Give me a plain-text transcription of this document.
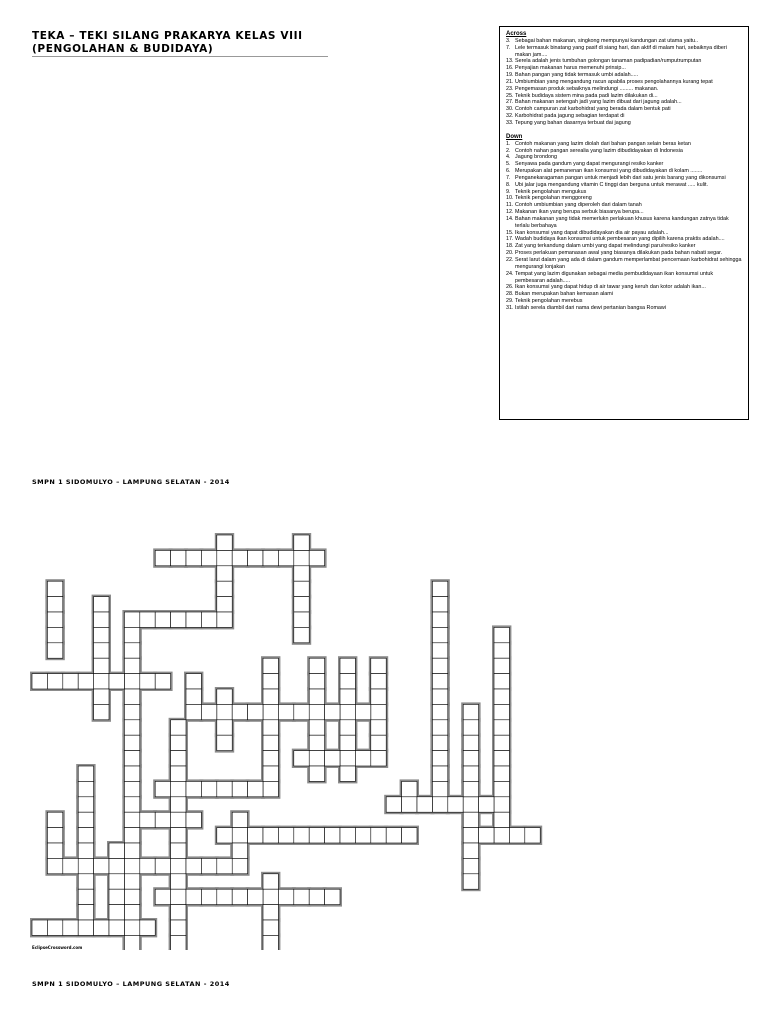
TEKA – TEKI SILANG PRAKARYA KELAS VIII
(PENGOLAHAN & BUDIDAYA)
Across
3. Sebagai bahan makanan, singkong mempunyai kandungan zat utama yaitu..
7. Lele termasuk binatang yang pasif di siang hari, dan aktif di malam hari, sebaiknya diberi makan jam....
13. Serela adalah jenis tumbuhan golongan tanaman padipadian/rumputrumputan
16. Penyajian makanan harus memenuhi prinsip...
19. Bahan pangan yang tidak termasuk umbi adalah.....
21. Umbiumbian yang mengandung racun apabila proses pengolahannya kurang tepat
23. Pengemasan produk sebaiknya melindungi ......... makanan.
25. Teknik budidaya sistem mina pada padi lazim dilakukan di...
27. Bahan makanan setengah jadi yang lazim dibuat dari jagung adalah...
30. Contoh campuran zat karbohidrat yang berada dalam bentuk pati
32. Karbohidrat pada jagung sebagian terdapat di
33. Tepung yang bahan dasarnya terbuat dai jagung
Down
1. Contoh makanan yang lazim diolah dari bahan pangan selain beras ketan
2. Contoh nahan pangan serealia yang lazim dibudidayakan di Indonesia
4. Jagung brondong
5. Senyawa pada gandum yang dapat mengurangi resiko kanker
6. Merupakan alat pemanenan ikan konsumsi yang dibudidayakan di kolam ........
7. Penganekaragaman pangan untuk menjadi lebih dari satu jenis barang yang dikonsumsi
8. Ubi jalar juga mengandung vitamin C tinggi dan berguna untuk merawat ..... kulit.
9. Teknik pengolahan mengukus
10. Teknik pengolahan menggoreng
11. Contoh umbiumbian yang diperoleh dari dalam tanah
12. Makanan ikan yang berupa serbuk biasanya berupa...
14. Bahan makanan yang tidak memerlukn perlakuan khusus karena kandungan zatnya tidak terlalu berbahaya
15. Ikan konsumsi yang dapat dibudidayakan dia air payau adalah...
17. Wadah budidaya ikan konsumsi untuk pembesaran yang dipilih karena praktis adalah....
18. Zat yang terkandung dalam umbi yang dapat melindungi paru/resiko kanker
20. Proses perlakuan pemanasan awal yang biasanya dilakukan pada bahan nabati segar.
22. Serat larut dalam yang ada di dalam gandum memperlambat pencemaan karbohidrat sehingga mengurangi lonjakan
24. Tempat yang lazim digunakan sebagai media pembudidayaan ikan konsumsi untuk pembesaran adalah.....
26. Ikan konsumsi yang dapat hidup di air tawar yang keruh dan kotor adalah ikan...
28. Bukan merupakan bahan kemasan alami
29. Teknik pengolahan merebus
31. Istilah serela diambil dari nama dewi pertanian bangsa Romawi
SMPN 1 SIDOMULYO – LAMPUNG SELATAN - 2014
EclipseCrossword.com
SMPN 1 SIDOMULYO – LAMPUNG SELATAN - 2014
